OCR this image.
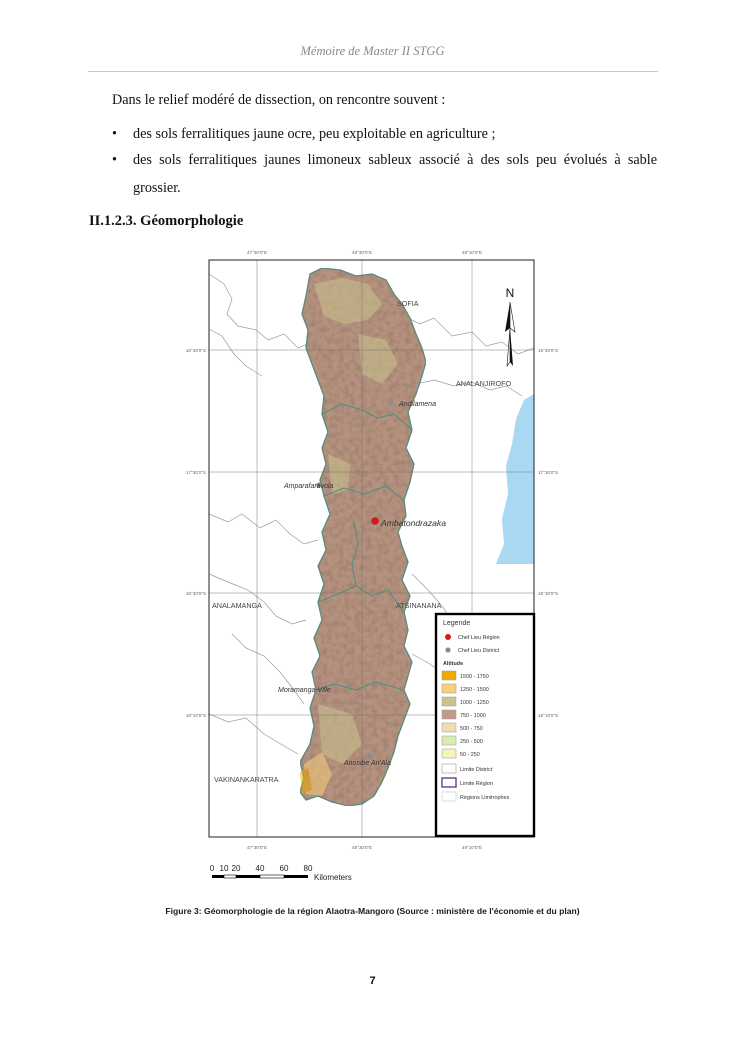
Mémoire de Master II STGG
Dans le relief modéré de dissection, on rencontre souvent :
• des sols ferralitiques jaune ocre, peu exploitable en agriculture ;
• des sols ferralitiques jaunes limoneux sableux associé à des sols peu évolués à sable grossier.
II.1.2.3. Géomorphologie
47°30'0"E	48°30'0"E	49°10'0"E
47°30'0"E	48°30'0"E	49°10'0"E
16°40'0"S
17°30'0"S
18°30'0"S
19°10'0"S
16°40'0"S
17°30'0"S
18°30'0"S
19°10'0"S
SOFIA
ANALANJIROFO
ANALAMANGA	ATSINANANA
VAKINANKARATRA
Andilamena
Amparafaravola
Ambatondrazaka
Moramanga-Ville
Anosibe An'Ala
N
Legende
Chef Lieu Région
Chef Lieu District
Altitude
1500 - 1750
1250 - 1500
1000 - 1250
750 - 1000
500 - 750
250 - 500
50 - 250
Limite District
Limite Région
Régions Limitrophes
0 10 20 40 60 80
Kilometers
Figure 3: Géomorphologie de la région Alaotra-Mangoro (Source : ministère de l'économie et du plan)
7
